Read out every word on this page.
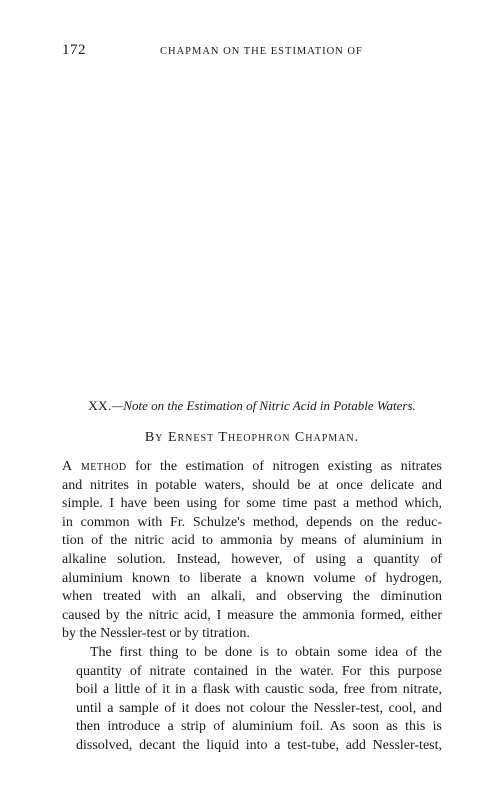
172	CHAPMAN ON THE ESTIMATION OF
XX.—Note on the Estimation of Nitric Acid in Potable Waters.
By Ernest Theophron Chapman.

A method for the estimation of nitrogen existing as nitrates
and nitrites in potable waters, should be at once delicate and
simple. I have been using for some time past a method which,
in common with Fr. Schulze's method, depends on the reduc-
tion of the nitric acid to ammonia by means of aluminium in
alkaline solution. Instead, however, of using a quantity of
aluminium known to liberate a known volume of hydrogen,
when treated with an alkali, and observing the diminution
caused by the nitric acid, I measure the ammonia formed, either
by the Nessler-test or by titration.

The first thing to be done is to obtain some idea of the
quantity of nitrate contained in the water. For this purpose
boil a little of it in a flask with caustic soda, free from nitrate,
until a sample of it does not colour the Nessler-test, cool, and
then introduce a strip of aluminium foil. As soon as this is
dissolved, decant the liquid into a test-tube, add Nessler-test,
